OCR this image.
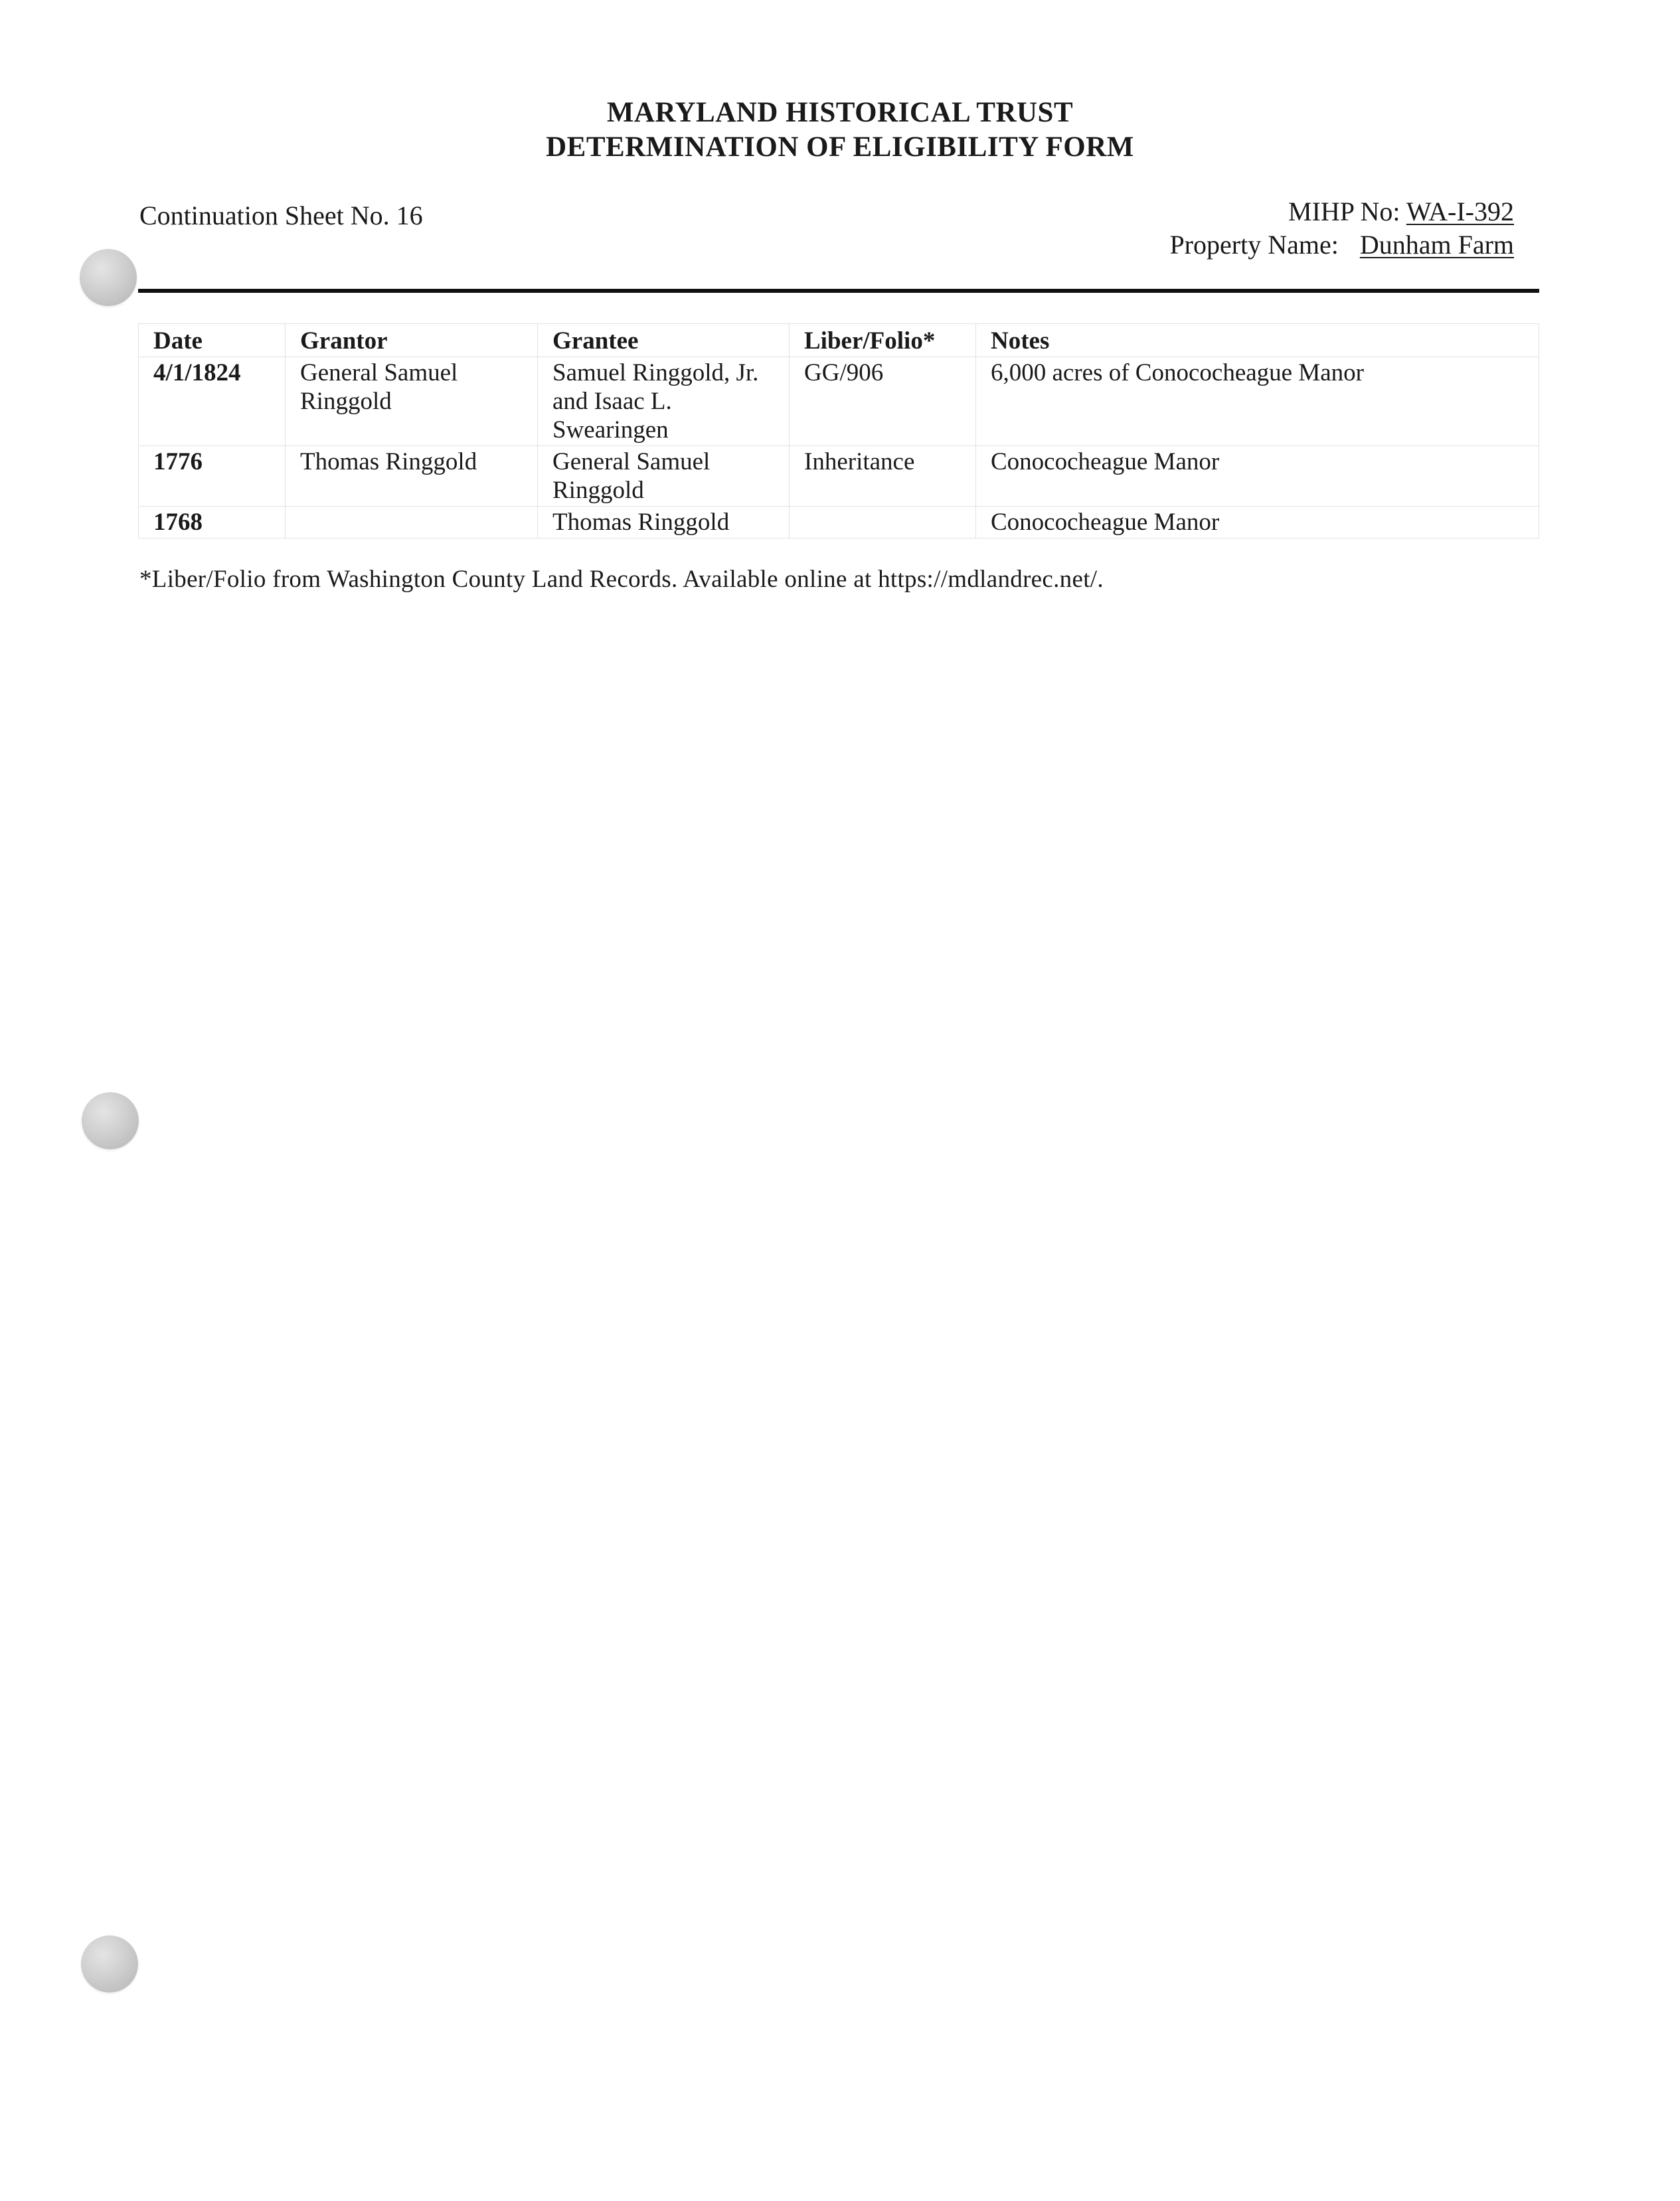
MARYLAND HISTORICAL TRUST
DETERMINATION OF ELIGIBILITY FORM
Continuation Sheet No. 16	MIHP No: WA-I-392
Property Name: Dunham Farm
Date	Grantor	Grantee	Liber/Folio*	Notes
4/1/1824	General Samuel Ringgold	Samuel Ringgold, Jr. and Isaac L. Swearingen	GG/906	6,000 acres of Conococheague Manor
1776	Thomas Ringgold	General Samuel Ringgold	Inheritance	Conococheague Manor
1768		Thomas Ringgold		Conococheague Manor
*Liber/Folio from Washington County Land Records. Available online at https://mdlandrec.net/.
